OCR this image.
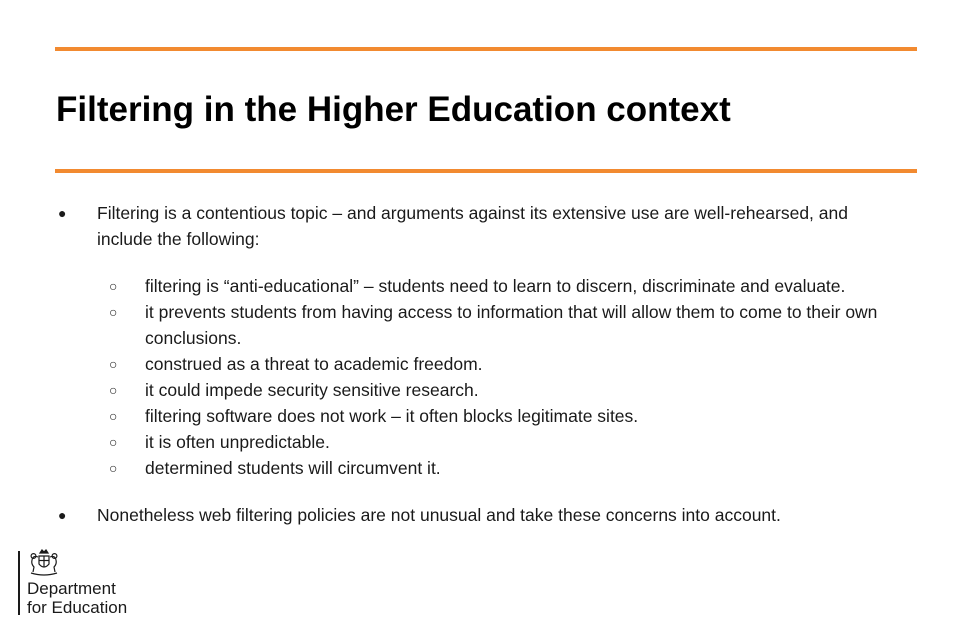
Filtering in the Higher Education context
● Filtering is a contentious topic – and arguments against its extensive use are well-rehearsed, and include the following:
○ filtering is “anti-educational” – students need to learn to discern, discriminate and evaluate.
○ it prevents students from having access to information that will allow them to come to their own conclusions.
○ construed as a threat to academic freedom.
○ it could impede security sensitive research.
○ filtering software does not work – it often blocks legitimate sites.
○ it is often unpredictable.
○ determined students will circumvent it.
● Nonetheless web filtering policies are not unusual and take these concerns into account.
Department
for Education
